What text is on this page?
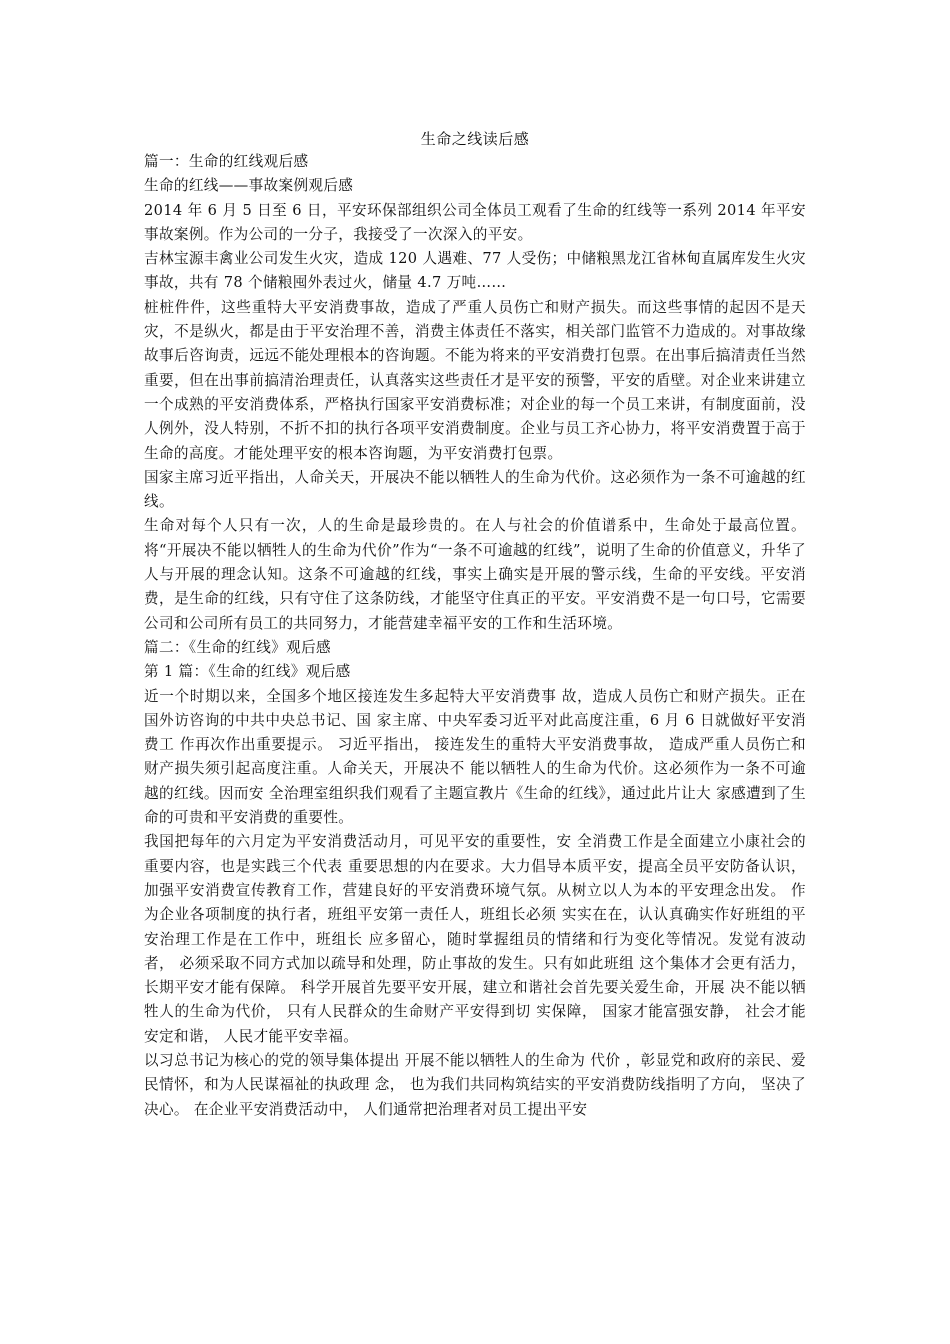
生命之线读后感

篇一：生命的红线观后感

生命的红线——事故案例观后感

2014 年 6 月 5 日至 6 日，平安环保部组织公司全体员工观看了生命的红线等一系列 2014 年平安事故案例。作为公司的一分子，我接受了一次深入的平安。

吉林宝源丰禽业公司发生火灾，造成 120 人遇难、77 人受伤；中储粮黑龙江省林甸直属库发生火灾事故，共有 78 个储粮囤外表过火，储量 4.7 万吨……

桩桩件件，这些重特大平安消费事故，造成了严重人员伤亡和财产损失。而这些事情的起因不是天灾，不是纵火，都是由于平安治理不善，消费主体责任不落实，相关部门监管不力造成的。对事故缘故事后咨询责，远远不能处理根本的咨询题。不能为将来的平安消费打包票。在出事后搞清责任当然重要，但在出事前搞清治理责任，认真落实这些责任才是平安的预警，平安的盾壁。对企业来讲建立一个成熟的平安消费体系，严格执行国家平安消费标准；对企业的每一个员工来讲，有制度面前，没人例外，没人特别，不折不扣的执行各项平安消费制度。企业与员工齐心协力，将平安消费置于高于生命的高度。才能处理平安的根本咨询题，为平安消费打包票。

国家主席习近平指出，人命关天，开展决不能以牺牲人的生命为代价。这必须作为一条不可逾越的红线。

生命对每个人只有一次，人的生命是最珍贵的。在人与社会的价值谱系中，生命处于最高位置。将“开展决不能以牺牲人的生命为代价”作为“一条不可逾越的红线”，说明了生命的价值意义，升华了人与开展的理念认知。这条不可逾越的红线，事实上确实是开展的警示线，生命的平安线。平安消费，是生命的红线，只有守住了这条防线，才能坚守住真正的平安。平安消费不是一句口号，它需要公司和公司所有员工的共同努力，才能营建幸福平安的工作和生活环境。

篇二：《生命的红线》观后感

第 1 篇：《生命的红线》观后感

近一个时期以来，全国多个地区接连发生多起特大平安消费事 故，造成人员伤亡和财产损失。正在国外访咨询的中共中央总书记、国 家主席、中央军委习近平对此高度注重，6 月 6 日就做好平安消费工 作再次作出重要提示。 习近平指出， 接连发生的重特大平安消费事故， 造成严重人员伤亡和财产损失须引起高度注重。人命关天，开展决不 能以牺牲人的生命为代价。这必须作为一条不可逾越的红线。因而安 全治理室组织我们观看了主题宣教片《生命的红线》，通过此片让大 家感遭到了生命的可贵和平安消费的重要性。

我国把每年的六月定为平安消费活动月，可见平安的重要性，安 全消费工作是全面建立小康社会的重要内容，也是实践三个代表 重要思想的内在要求。大力倡导本质平安，提高全员平安防备认识， 加强平安消费宣传教育工作，营建良好的平安消费环境气氛。从树立以人为本的平安理念出发。 作为企业各项制度的执行者，班组平安第一责任人，班组长必须 实实在在，认认真确实作好班组的平安治理工作是在工作中，班组长 应多留心，随时掌握组员的情绪和行为变化等情况。发觉有波动者， 必须采取不同方式加以疏导和处理，防止事故的发生。只有如此班组 这个集体才会更有活力，长期平安才能有保障。 科学开展首先要平安开展，建立和谐社会首先要关爱生命，开展 决不能以牺牲人的生命为代价， 只有人民群众的生命财产平安得到切 实保障， 国家才能富强安静， 社会才能安定和谐， 人民才能平安幸福。

以习总书记为核心的党的领导集体提出 开展不能以牺牲人的生命为 代价 ，彰显党和政府的亲民、爱民情怀，和为人民谋福祉的执政理 念， 也为我们共同构筑结实的平安消费防线指明了方向， 坚决了决心。 在企业平安消费活动中， 人们通常把治理者对员工提出平安
